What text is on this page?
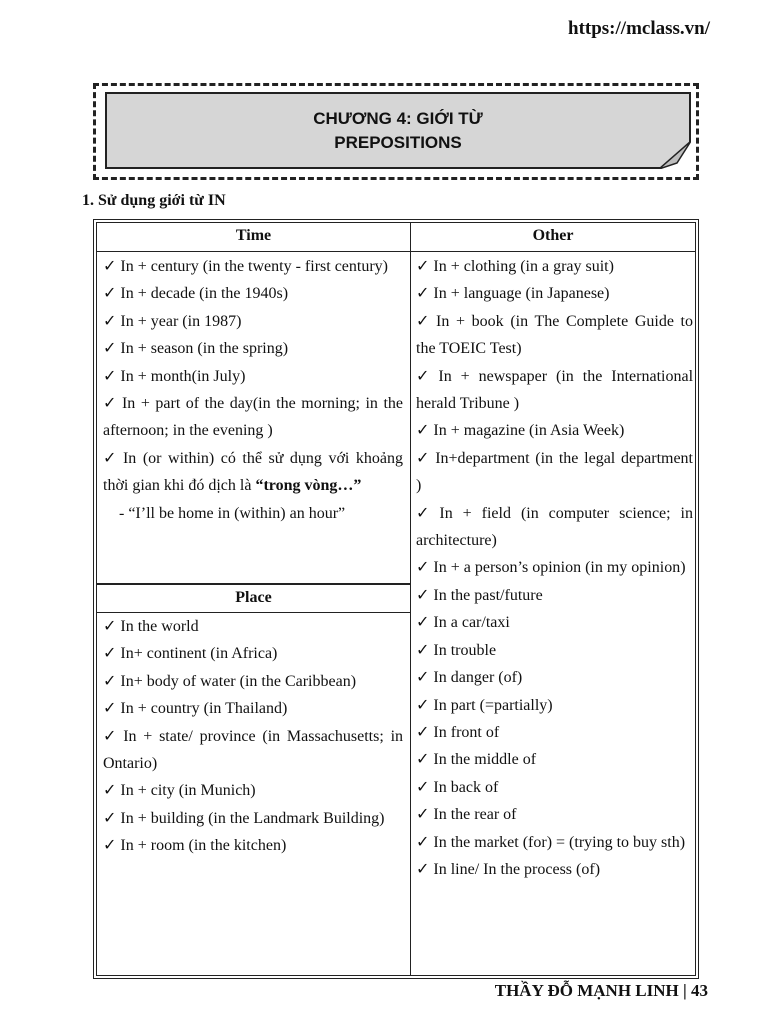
https://mclass.vn/
CHƯƠNG 4: GIỚI TỪ
PREPOSITIONS
1. Sử dụng giới từ IN
Time	Other

✓ In + century (in the twenty - first century)

✓ In + decade (in the 1940s)

✓ In + year (in 1987)

✓ In + season (in the spring)

✓ In + month(in July)

✓ In + part of the day(in the morning; in the afternoon; in the evening )

✓ In (or within) có thể sử dụng với khoảng thời gian khi đó dịch là “trong vòng…”

- “I’ll be home in (within) an hour”

Place

✓ In the world

✓ In+ continent (in Africa)

✓ In+ body of water (in the Caribbean)

✓ In + country (in Thailand)

✓ In + state/ province (in Massachusetts; in Ontario)

✓ In + city (in Munich)

✓ In + building (in the Landmark Building)

✓ In + room (in the kitchen)

✓ In + clothing (in a gray suit)

✓ In + language (in Japanese)

✓ In + book (in The Complete Guide to the TOEIC Test)

✓ In + newspaper (in the International herald Tribune )

✓ In + magazine (in Asia Week)

✓ In+department (in the legal department )

✓ In + field (in computer science; in architecture)

✓ In + a person’s opinion (in my opinion)

✓ In the past/future

✓ In a car/taxi

✓ In trouble

✓ In danger (of)

✓ In part (=partially)

✓ In front of

✓ In the middle of

✓ In back of

✓ In the rear of

✓ In the market (for) = (trying to buy sth)

✓ In line/ In the process (of)

THẦY ĐỖ MẠNH LINH | 43
